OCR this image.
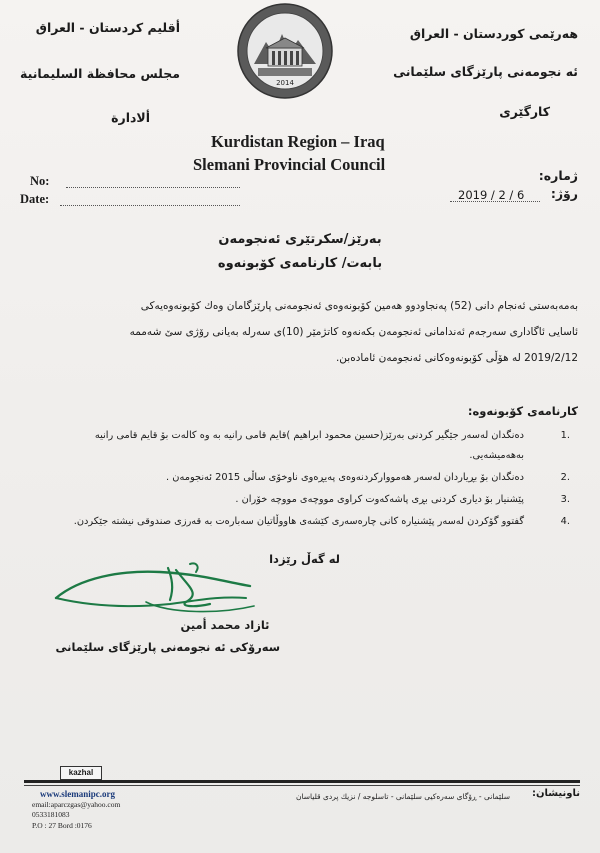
أقليم كردستان - العراق
مجلس محافظة السليمانية
ألادارة
2014
هەرێمی کوردستان - العراق
ئە نجومەنی پارێزگای سلێمانی
کارگێری
Kurdistan Region – Iraq
Slemani Provincial Council
No:
Date:
ژمارە:
رۆژ:
2019 / 2 / 6
بەرێز/سکرتێری ئەنجومەن
بابەت/ کارنامەی کۆبونەوە
بەمەبەستی ئەنجام دانی (52) پەنجاودوو هەمین کۆبونەوەی ئەنجومەنی پارێزگامان وەك کۆبونەوەیەکی
ئاسایی ئاگاداری سەرجەم ئەندامانی ئەنجومەن بکەنەوە کاتژمێر (10)ی سەرلە بەیانی رۆژی سێ شەممە
2019/2/12 لە هۆڵی کۆبونەوەکانی ئەنجومەن ئامادەبن.
کارنامەی کۆبونەوە:
1.
دەنگدان لەسەر جێگیر کردنی بەرێز(حسین محمود ابراهیم )قایم قامی رانیە بە وە کالەت بۆ قایم قامی رانیە
بەهەمیشەیی.
2.
دەنگدان بۆ بڕیاردان لەسەر هەمووارکردنەوەی پەیڕەوی ناوخۆی ساڵی 2015 ئەنجومەن .
3.
پێشنیار بۆ دیاری کردنی بڕی پاشەکەوت کراوی مووچەی مووچە خۆران .
4.
گفتوو گۆکردن لەسەر پێشنیارە کانی چارەسەری کێشەی هاووڵاتیان سەبارەت بە قەرزی صندوقی نیشتە جێکردن.
لە گەڵ رێزدا
ئازاد محمد أمین
سەرۆکی ئە نجومەنی پارێزگای سلێمانی
kazhal
www.slemanipc.org
email:aparczgas@yahoo.com
0533181083
P.O : 27 Bord :0176
سلێمانی - ڕۆگای سەرەکیی سلێمانی - تاسلوجە / نزیك پردی قلیاسان	ناونیشان:
